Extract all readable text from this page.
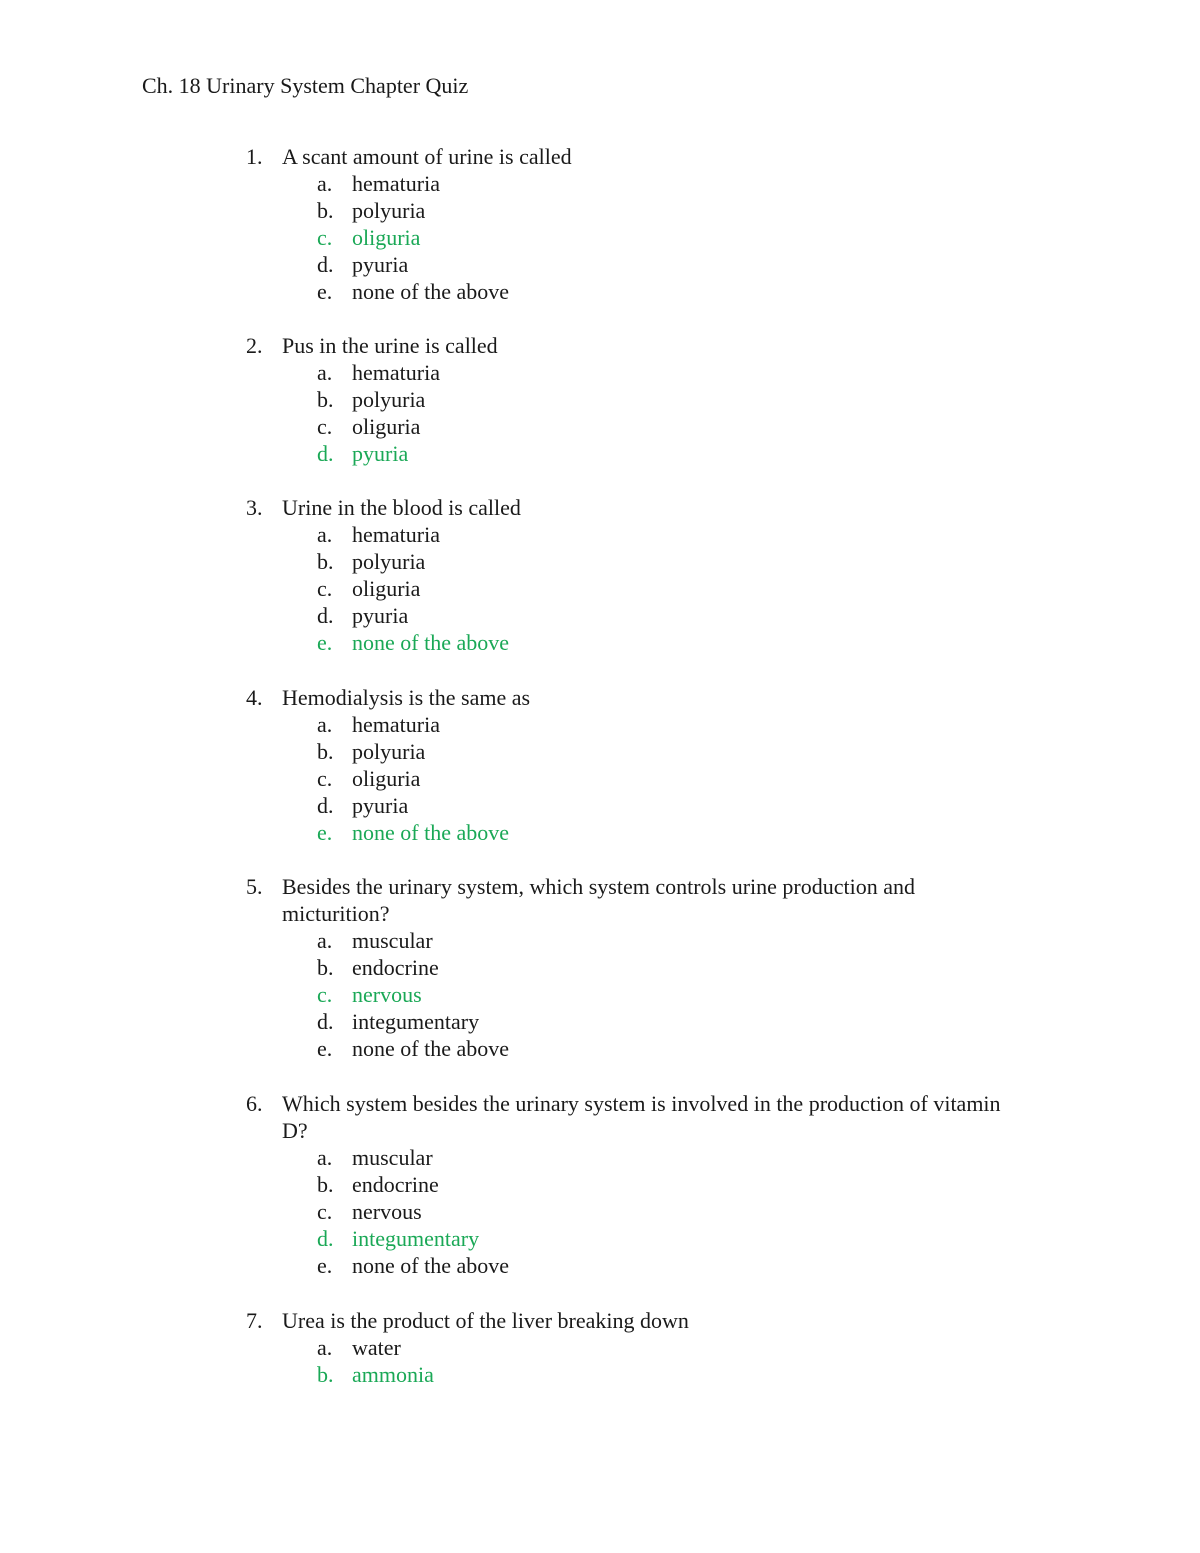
Ch. 18 Urinary System Chapter Quiz
1. A scant amount of urine is called
a. hematuria
b. polyuria
c. oliguria
d. pyuria
e. none of the above
2. Pus in the urine is called
a. hematuria
b. polyuria
c. oliguria
d. pyuria
3. Urine in the blood is called
a. hematuria
b. polyuria
c. oliguria
d. pyuria
e. none of the above
4. Hemodialysis is the same as
a. hematuria
b. polyuria
c. oliguria
d. pyuria
e. none of the above
5. Besides the urinary system, which system controls urine production and
micturition?
a. muscular
b. endocrine
c. nervous
d. integumentary
e. none of the above
6. Which system besides the urinary system is involved in the production of vitamin
D?
a. muscular
b. endocrine
c. nervous
d. integumentary
e. none of the above
7. Urea is the product of the liver breaking down
a. water
b. ammonia
